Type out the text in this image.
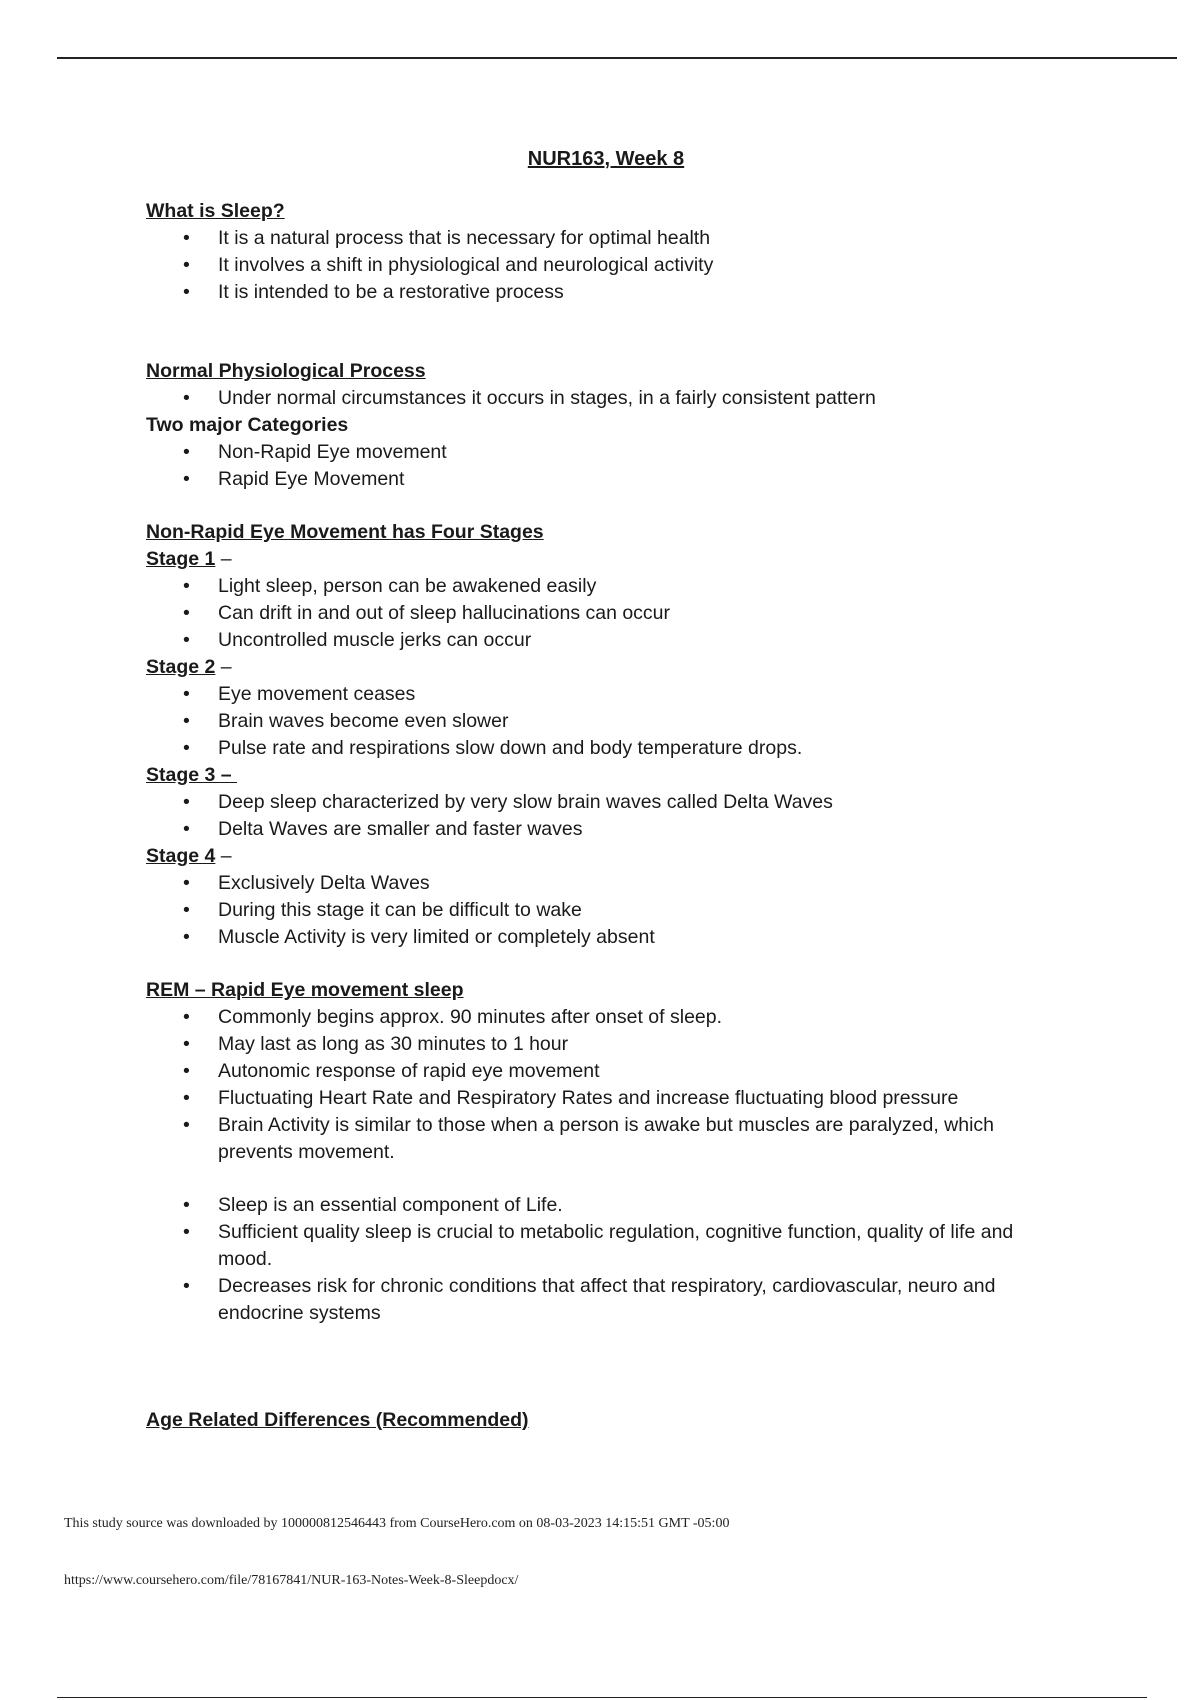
NUR163, Week 8
What is Sleep?
• It is a natural process that is necessary for optimal health
• It involves a shift in physiological and neurological activity
• It is intended to be a restorative process
Normal Physiological Process
• Under normal circumstances it occurs in stages, in a fairly consistent pattern
Two major Categories
• Non-Rapid Eye movement
• Rapid Eye Movement
Non-Rapid Eye Movement has Four Stages
Stage 1 –
• Light sleep, person can be awakened easily
• Can drift in and out of sleep hallucinations can occur
• Uncontrolled muscle jerks can occur
Stage 2 –
• Eye movement ceases
• Brain waves become even slower
• Pulse rate and respirations slow down and body temperature drops.
Stage 3 –
• Deep sleep characterized by very slow brain waves called Delta Waves
• Delta Waves are smaller and faster waves
Stage 4 –
• Exclusively Delta Waves
• During this stage it can be difficult to wake
• Muscle Activity is very limited or completely absent
REM – Rapid Eye movement sleep
• Commonly begins approx. 90 minutes after onset of sleep.
• May last as long as 30 minutes to 1 hour
• Autonomic response of rapid eye movement
• Fluctuating Heart Rate and Respiratory Rates and increase fluctuating blood pressure
• Brain Activity is similar to those when a person is awake but muscles are paralyzed, which prevents movement.
• Sleep is an essential component of Life.
• Sufficient quality sleep is crucial to metabolic regulation, cognitive function, quality of life and mood.
• Decreases risk for chronic conditions that affect that respiratory, cardiovascular, neuro and endocrine systems
Age Related Differences (Recommended)
This study source was downloaded by 100000812546443 from CourseHero.com on 08-03-2023 14:15:51 GMT -05:00
https://www.coursehero.com/file/78167841/NUR-163-Notes-Week-8-Sleepdocx/
